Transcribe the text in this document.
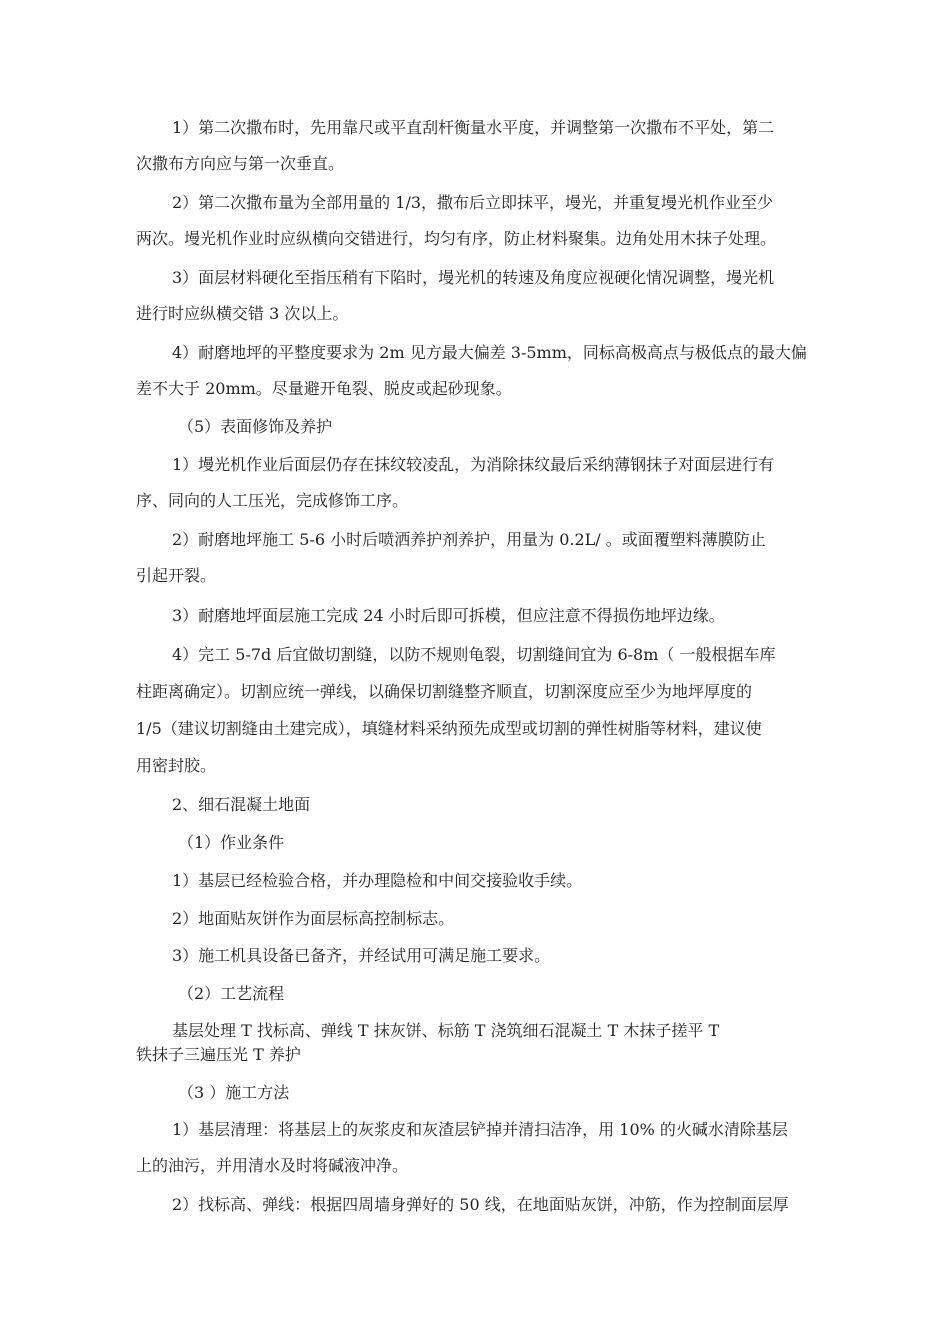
1）第二次撒布时，先用靠尺或平直刮杆衡量水平度，并调整第一次撒布不平处，第二
次撒布方向应与第一次垂直。
2）第二次撒布量为全部用量的 1/3，撒布后立即抹平，墁光，并重复墁光机作业至少
两次。墁光机作业时应纵横向交错进行，均匀有序，防止材料聚集。边角处用木抹子处理。
3）面层材料硬化至指压稍有下陷时，墁光机的转速及角度应视硬化情况调整，墁光机
进行时应纵横交错 3 次以上。
4）耐磨地坪的平整度要求为 2m 见方最大偏差 3-5mm，同标高极高点与极低点的最大偏
差不大于 20mm。尽量避开龟裂、脱皮或起砂现象。
（5）表面修饰及养护
1）墁光机作业后面层仍存在抹纹较凌乱，为消除抹纹最后采纳薄钢抹子对面层进行有
序、同向的人工压光，完成修饰工序。
2）耐磨地坪施工 5-6 小时后喷洒养护剂养护，用量为 0.2L/ 。或面覆塑料薄膜防止
引起开裂。
3）耐磨地坪面层施工完成 24 小时后即可拆模，但应注意不得损伤地坪边缘。
4）完工 5-7d 后宜做切割缝，以防不规则龟裂，切割缝间宜为 6-8m（ 一般根据车库
柱距离确定）。切割应统一弹线，以确保切割缝整齐顺直，切割深度应至少为地坪厚度的
1/5（建议切割缝由土建完成），填缝材料采纳预先成型或切割的弹性树脂等材料，建议使
用密封胶。
2、细石混凝土地面
（1）作业条件
1）基层已经检验合格，并办理隐检和中间交接验收手续。
2）地面贴灰饼作为面层标高控制标志。
3）施工机具设备已备齐，并经试用可满足施工要求。
（2）工艺流程
基层处理 T 找标高、弹线 T 抹灰饼、标筋 T 浇筑细石混凝土 T 木抹子搓平 T
铁抹子三遍压光 T 养护
（3 ）施工方法
1）基层清理：将基层上的灰浆皮和灰渣层铲掉并清扫洁净，用 10% 的火碱水清除基层
上的油污，并用清水及时将碱液冲净。
2）找标高、弹线：根据四周墙身弹好的 50 线，在地面贴灰饼，冲筋，作为控制面层厚
